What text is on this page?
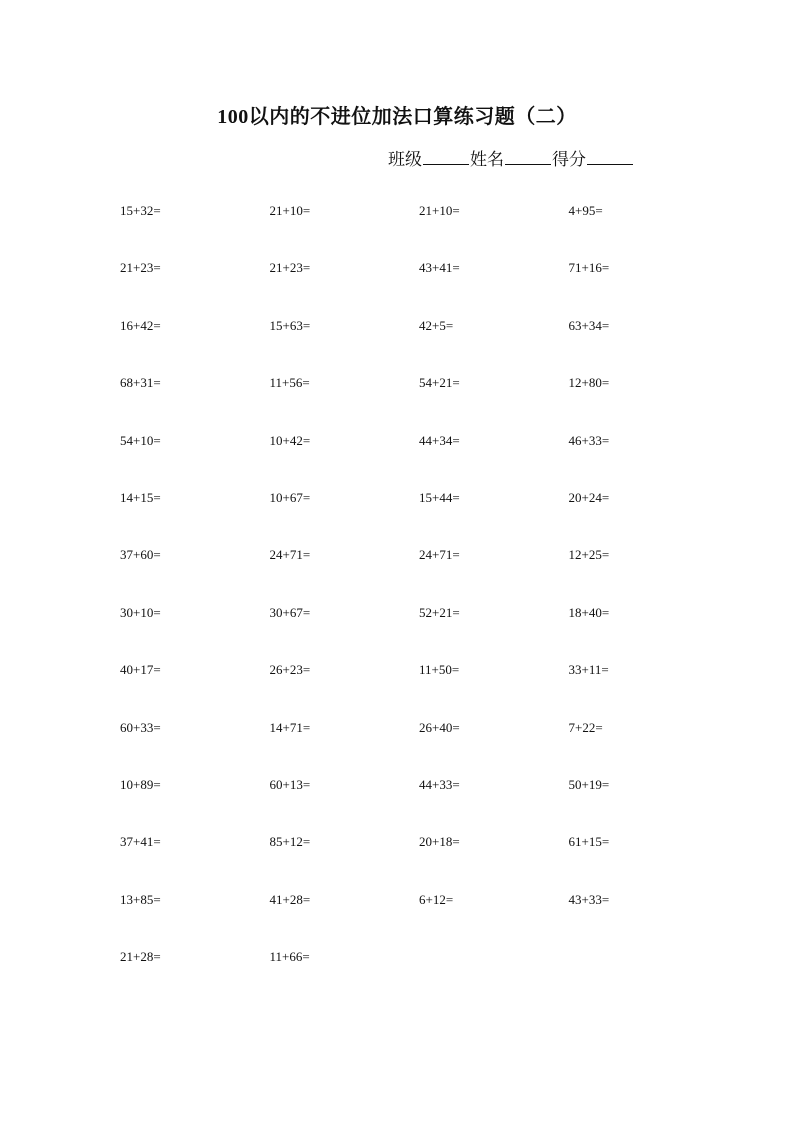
100以内的不进位加法口算练习题（二）
班级	姓名	得分
15+32=	21+10=	21+10=	4+95=
21+23=	21+23=	43+41=	71+16=
16+42=	15+63=	42+5=	63+34=
68+31=	11+56=	54+21=	12+80=
54+10=	10+42=	44+34=	46+33=
14+15=	10+67=	15+44=	20+24=
37+60=	24+71=	24+71=	12+25=
30+10=	30+67=	52+21=	18+40=
40+17=	26+23=	11+50=	33+11=
60+33=	14+71=	26+40=	7+22=
10+89=	60+13=	44+33=	50+19=
37+41=	85+12=	20+18=	61+15=
13+85=	41+28=	6+12=	43+33=
21+28=	11+66=
